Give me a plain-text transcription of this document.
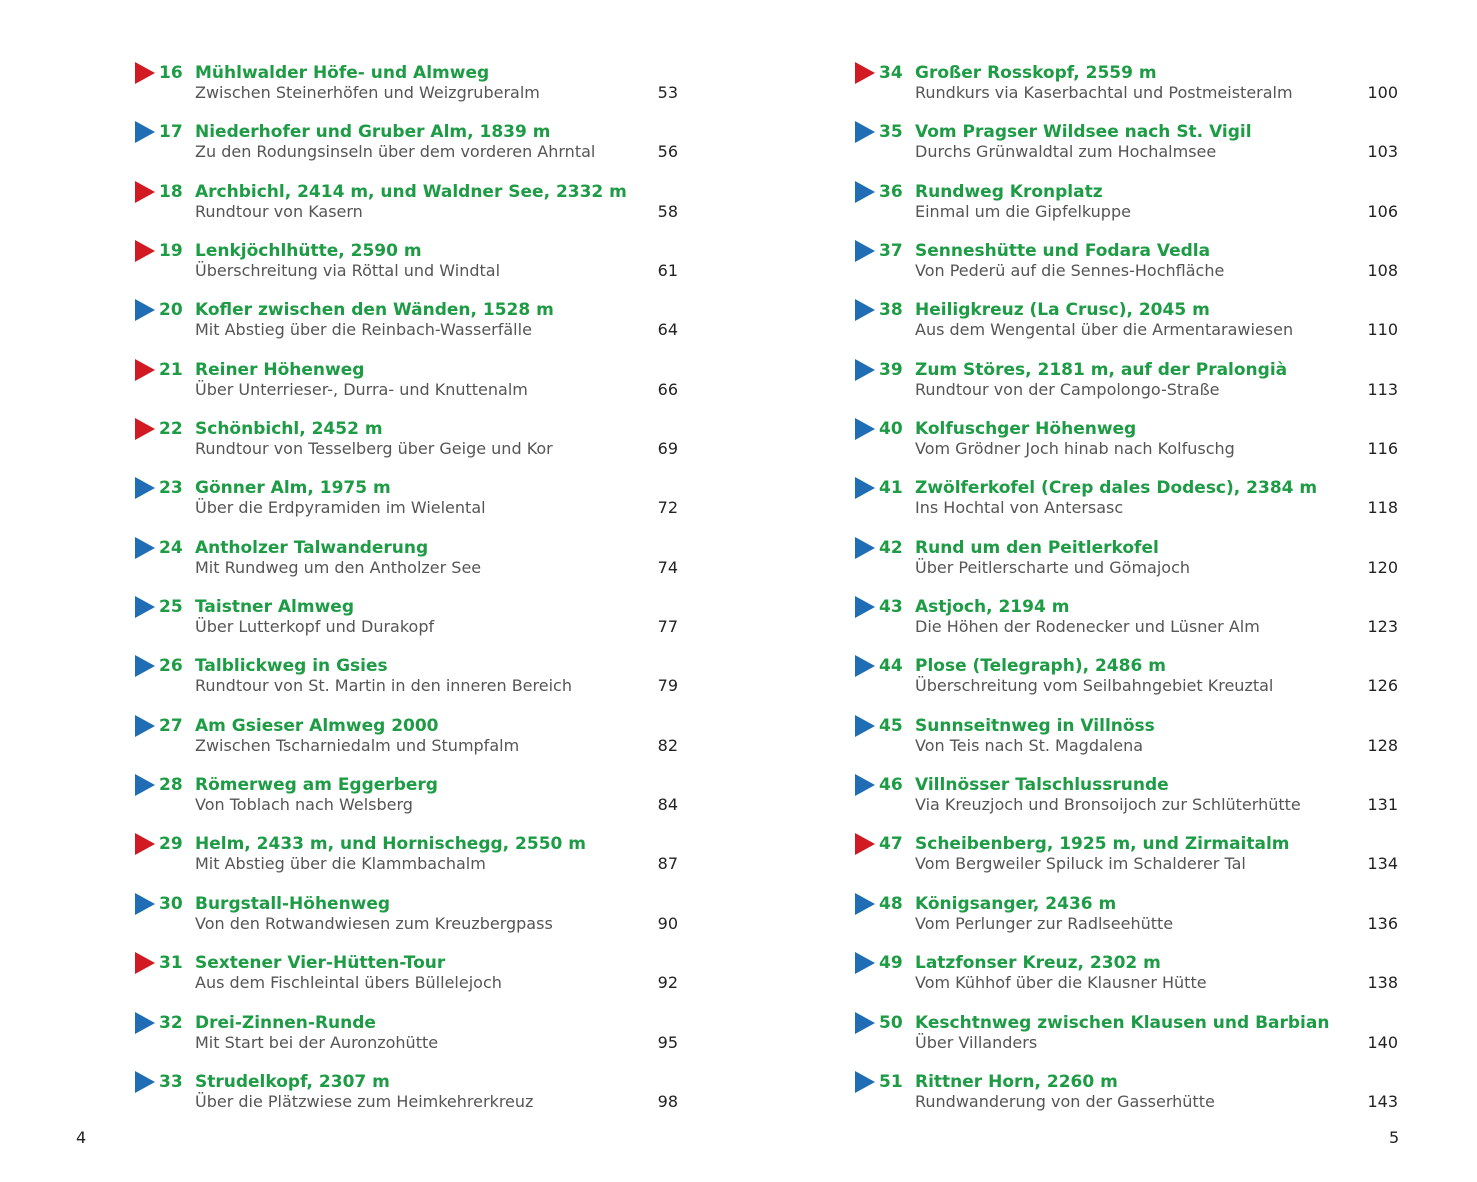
16 Mühlwalder Höfe- und Almweg
Zwischen Steinerhöfen und Weizgruberalm	53
17 Niederhofer und Gruber Alm, 1839 m
Zu den Rodungsinseln über dem vorderen Ahrntal	56
18 Archbichl, 2414 m, und Waldner See, 2332 m
Rundtour von Kasern	58
19 Lenkjöchlhütte, 2590 m
Überschreitung via Röttal und Windtal	61
20 Kofler zwischen den Wänden, 1528 m
Mit Abstieg über die Reinbach-Wasserfälle	64
21 Reiner Höhenweg
Über Unterrieser-, Durra- und Knuttenalm	66
22 Schönbichl, 2452 m
Rundtour von Tesselberg über Geige und Kor	69
23 Gönner Alm, 1975 m
Über die Erdpyramiden im Wielental	72
24 Antholzer Talwanderung
Mit Rundweg um den Antholzer See	74
25 Taistner Almweg
Über Lutterkopf und Durakopf	77
26 Talblickweg in Gsies
Rundtour von St. Martin in den inneren Bereich	79
27 Am Gsieser Almweg 2000
Zwischen Tscharniedalm und Stumpfalm	82
28 Römerweg am Eggerberg
Von Toblach nach Welsberg	84
29 Helm, 2433 m, und Hornischegg, 2550 m
Mit Abstieg über die Klammbachalm	87
30 Burgstall-Höhenweg
Von den Rotwandwiesen zum Kreuzbergpass	90
31 Sextener Vier-Hütten-Tour
Aus dem Fischleintal übers Büllelejoch	92
32 Drei-Zinnen-Runde
Mit Start bei der Auronzohütte	95
33 Strudelkopf, 2307 m
Über die Plätzwiese zum Heimkehrerkreuz	98
34 Großer Rosskopf, 2559 m
Rundkurs via Kaserbachtal und Postmeisteralm	100
35 Vom Pragser Wildsee nach St. Vigil
Durchs Grünwaldtal zum Hochalmsee	103
36 Rundweg Kronplatz
Einmal um die Gipfelkuppe	106
37 Senneshütte und Fodara Vedla
Von Pederü auf die Sennes-Hochfläche	108
38 Heiligkreuz (La Crusc), 2045 m
Aus dem Wengental über die Armentarawiesen	110
39 Zum Störes, 2181 m, auf der Pralongià
Rundtour von der Campolongo-Straße	113
40 Kolfuschger Höhenweg
Vom Grödner Joch hinab nach Kolfuschg	116
41 Zwölferkofel (Crep dales Dodesc), 2384 m
Ins Hochtal von Antersasc	118
42 Rund um den Peitlerkofel
Über Peitlerscharte und Gömajoch	120
43 Astjoch, 2194 m
Die Höhen der Rodenecker und Lüsner Alm	123
44 Plose (Telegraph), 2486 m
Überschreitung vom Seilbahngebiet Kreuztal	126
45 Sunnseitnweg in Villnöss
Von Teis nach St. Magdalena	128
46 Villnösser Talschlussrunde
Via Kreuzjoch und Bronsoijoch zur Schlüterhütte	131
47 Scheibenberg, 1925 m, und Zirmaitalm
Vom Bergweiler Spiluck im Schalderer Tal	134
48 Königsanger, 2436 m
Vom Perlunger zur Radlseehütte	136
49 Latzfonser Kreuz, 2302 m
Vom Kühhof über die Klausner Hütte	138
50 Keschtnweg zwischen Klausen und Barbian
Über Villanders	140
51 Rittner Horn, 2260 m
Rundwanderung von der Gasserhütte	143
4	5
